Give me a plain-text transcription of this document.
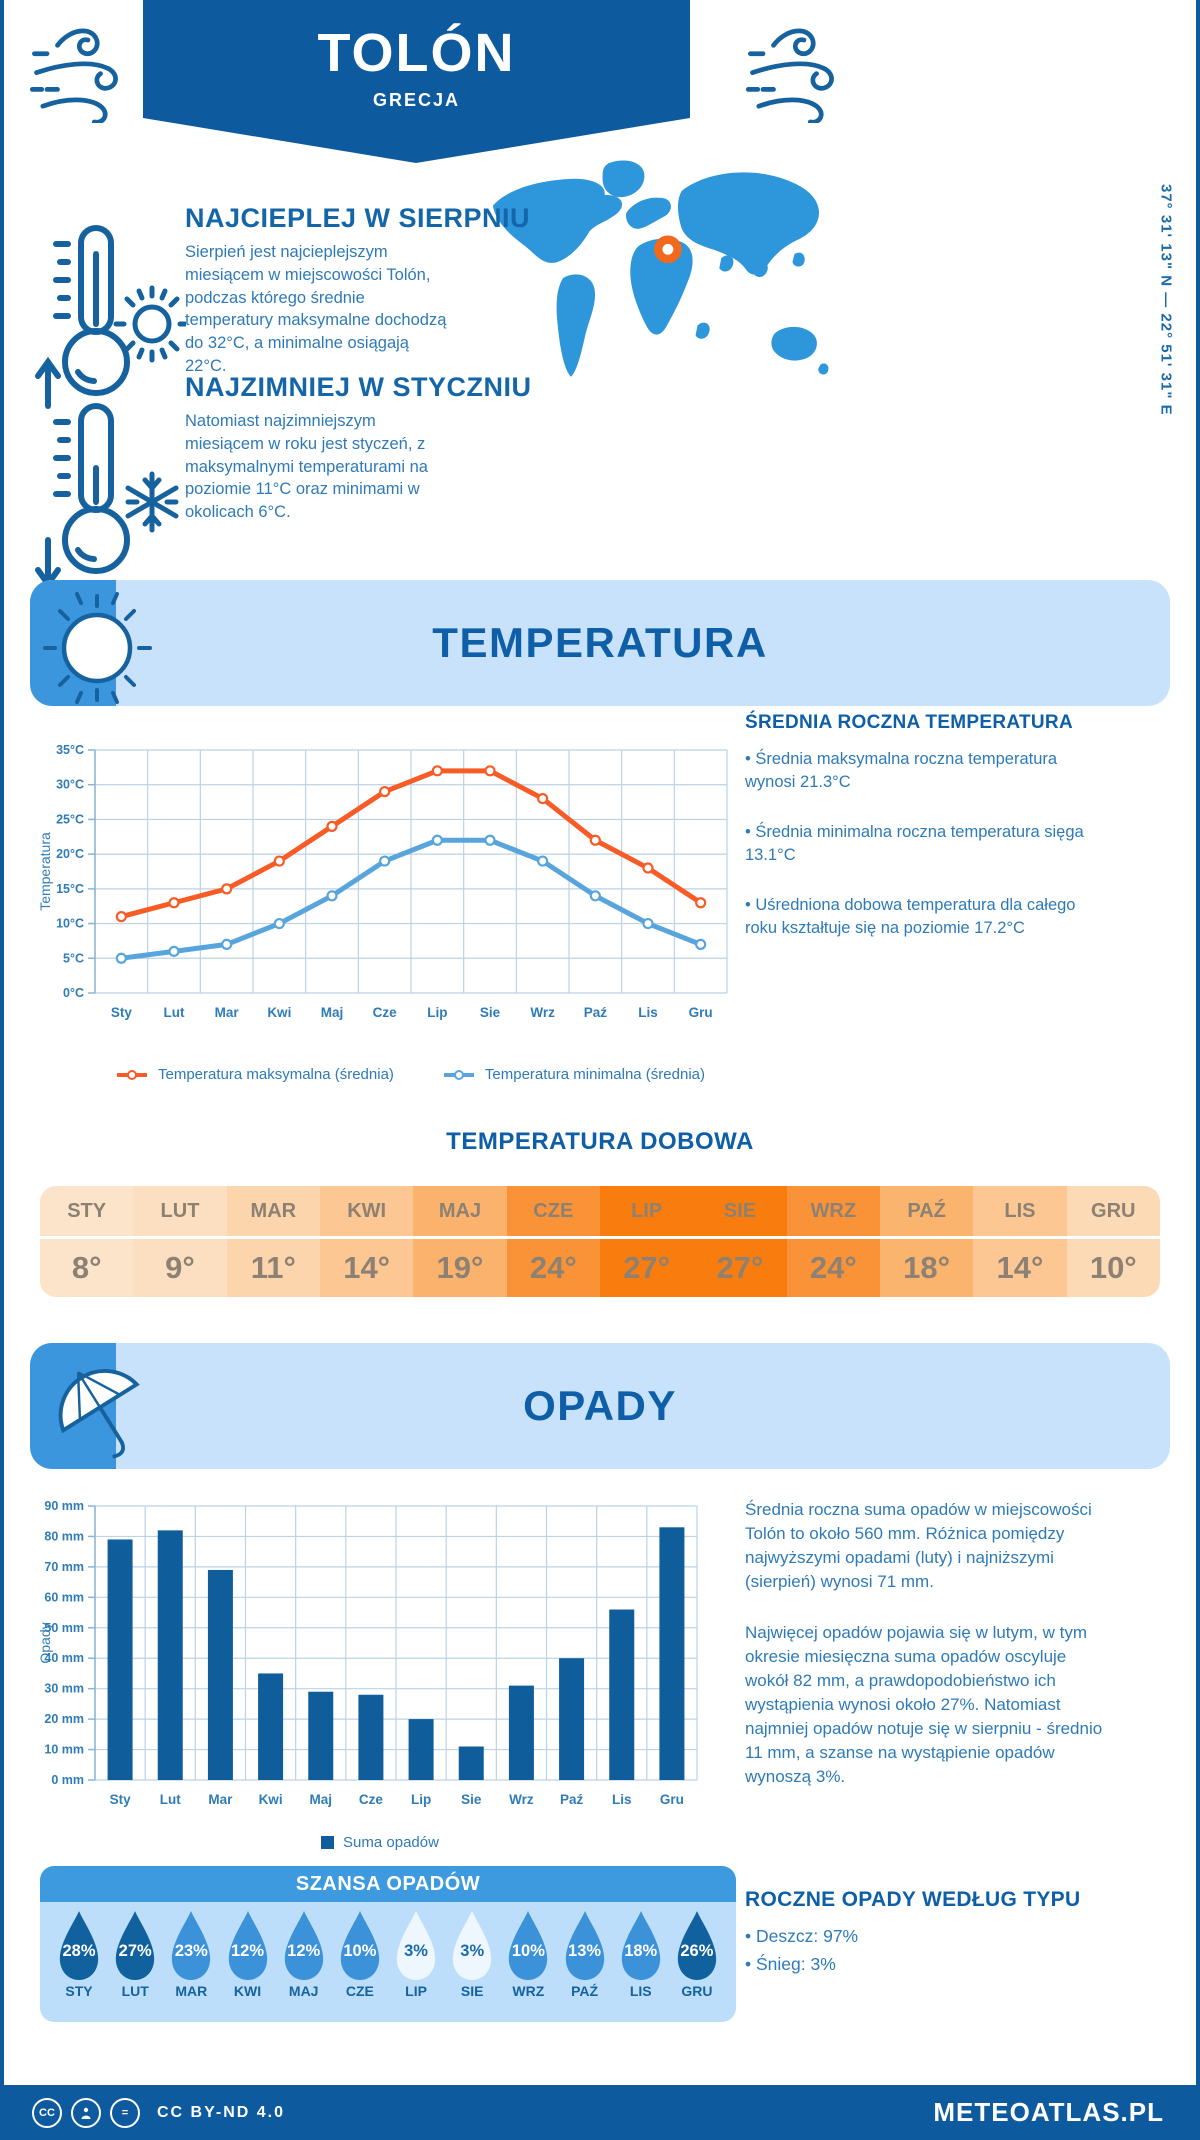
TOLÓN
GRECJA
37° 31' 13" N — 22° 51' 31" E
NAJCIEPLEJ W SIERPNIU
Sierpień jest najcieplejszym miesiącem w miejscowości Tolón, podczas którego średnie temperatury maksymalne dochodzą do 32°C, a minimalne osiągają 22°C.
NAJZIMNIEJ W STYCZNIU
Natomiast najzimniejszym miesiącem w roku jest styczeń, z maksymalnymi temperaturami na poziomie 11°C oraz minimami w okolicach 6°C.
TEMPERATURA
0°C
5°C
10°C
15°C
20°C
25°C
30°C
35°C
Sty Lut Mar Kwi Maj Cze Lip Sie Wrz Paź Lis Gru
Temperatura
Temperatura maksymalna (średnia)	Temperatura minimalna (średnia)
ŚREDNIA ROCZNA TEMPERATURA
• Średnia maksymalna roczna temperatura wynosi 21.3°C
• Średnia minimalna roczna temperatura sięga 13.1°C
• Uśredniona dobowa temperatura dla całego roku kształtuje się na poziomie 17.2°C
TEMPERATURA DOBOWA
STY
8°
LUT
9°
MAR
11°
KWI
14°
MAJ
19°
CZE
24°
LIP
27°
SIE
27°
WRZ
24°
PAŹ
18°
LIS
14°
GRU
10°
OPADY
0 mm
10 mm
20 mm
30 mm
40 mm
50 mm
60 mm
70 mm
80 mm
90 mm
Sty Lut Mar Kwi Maj Cze Lip Sie Wrz Paź Lis Gru
Opady
Suma opadów
Średnia roczna suma opadów w miejscowości Tolón to około 560 mm. Różnica pomiędzy najwyższymi opadami (luty) i najniższymi (sierpień) wynosi 71 mm.
Najwięcej opadów pojawia się w lutym, w tym okresie miesięczna suma opadów oscyluje wokół 82 mm, a prawdopodobieństwo ich wystąpienia wynosi około 27%. Natomiast najmniej opadów notuje się w sierpniu - średnio 11 mm, a szanse na wystąpienie opadów wynoszą 3%.
SZANSA OPADÓW
28%
STY
27%
LUT
23%
MAR
12%
KWI
12%
MAJ
10%
CZE
3%
LIP
3%
SIE
10%
WRZ
13%
PAŹ
18%
LIS
26%
GRU
ROCZNE OPADY WEDŁUG TYPU
• Deszcz: 97%
• Śnieg: 3%
CC	=	CC BY-ND 4.0	METEOATLAS.PL
